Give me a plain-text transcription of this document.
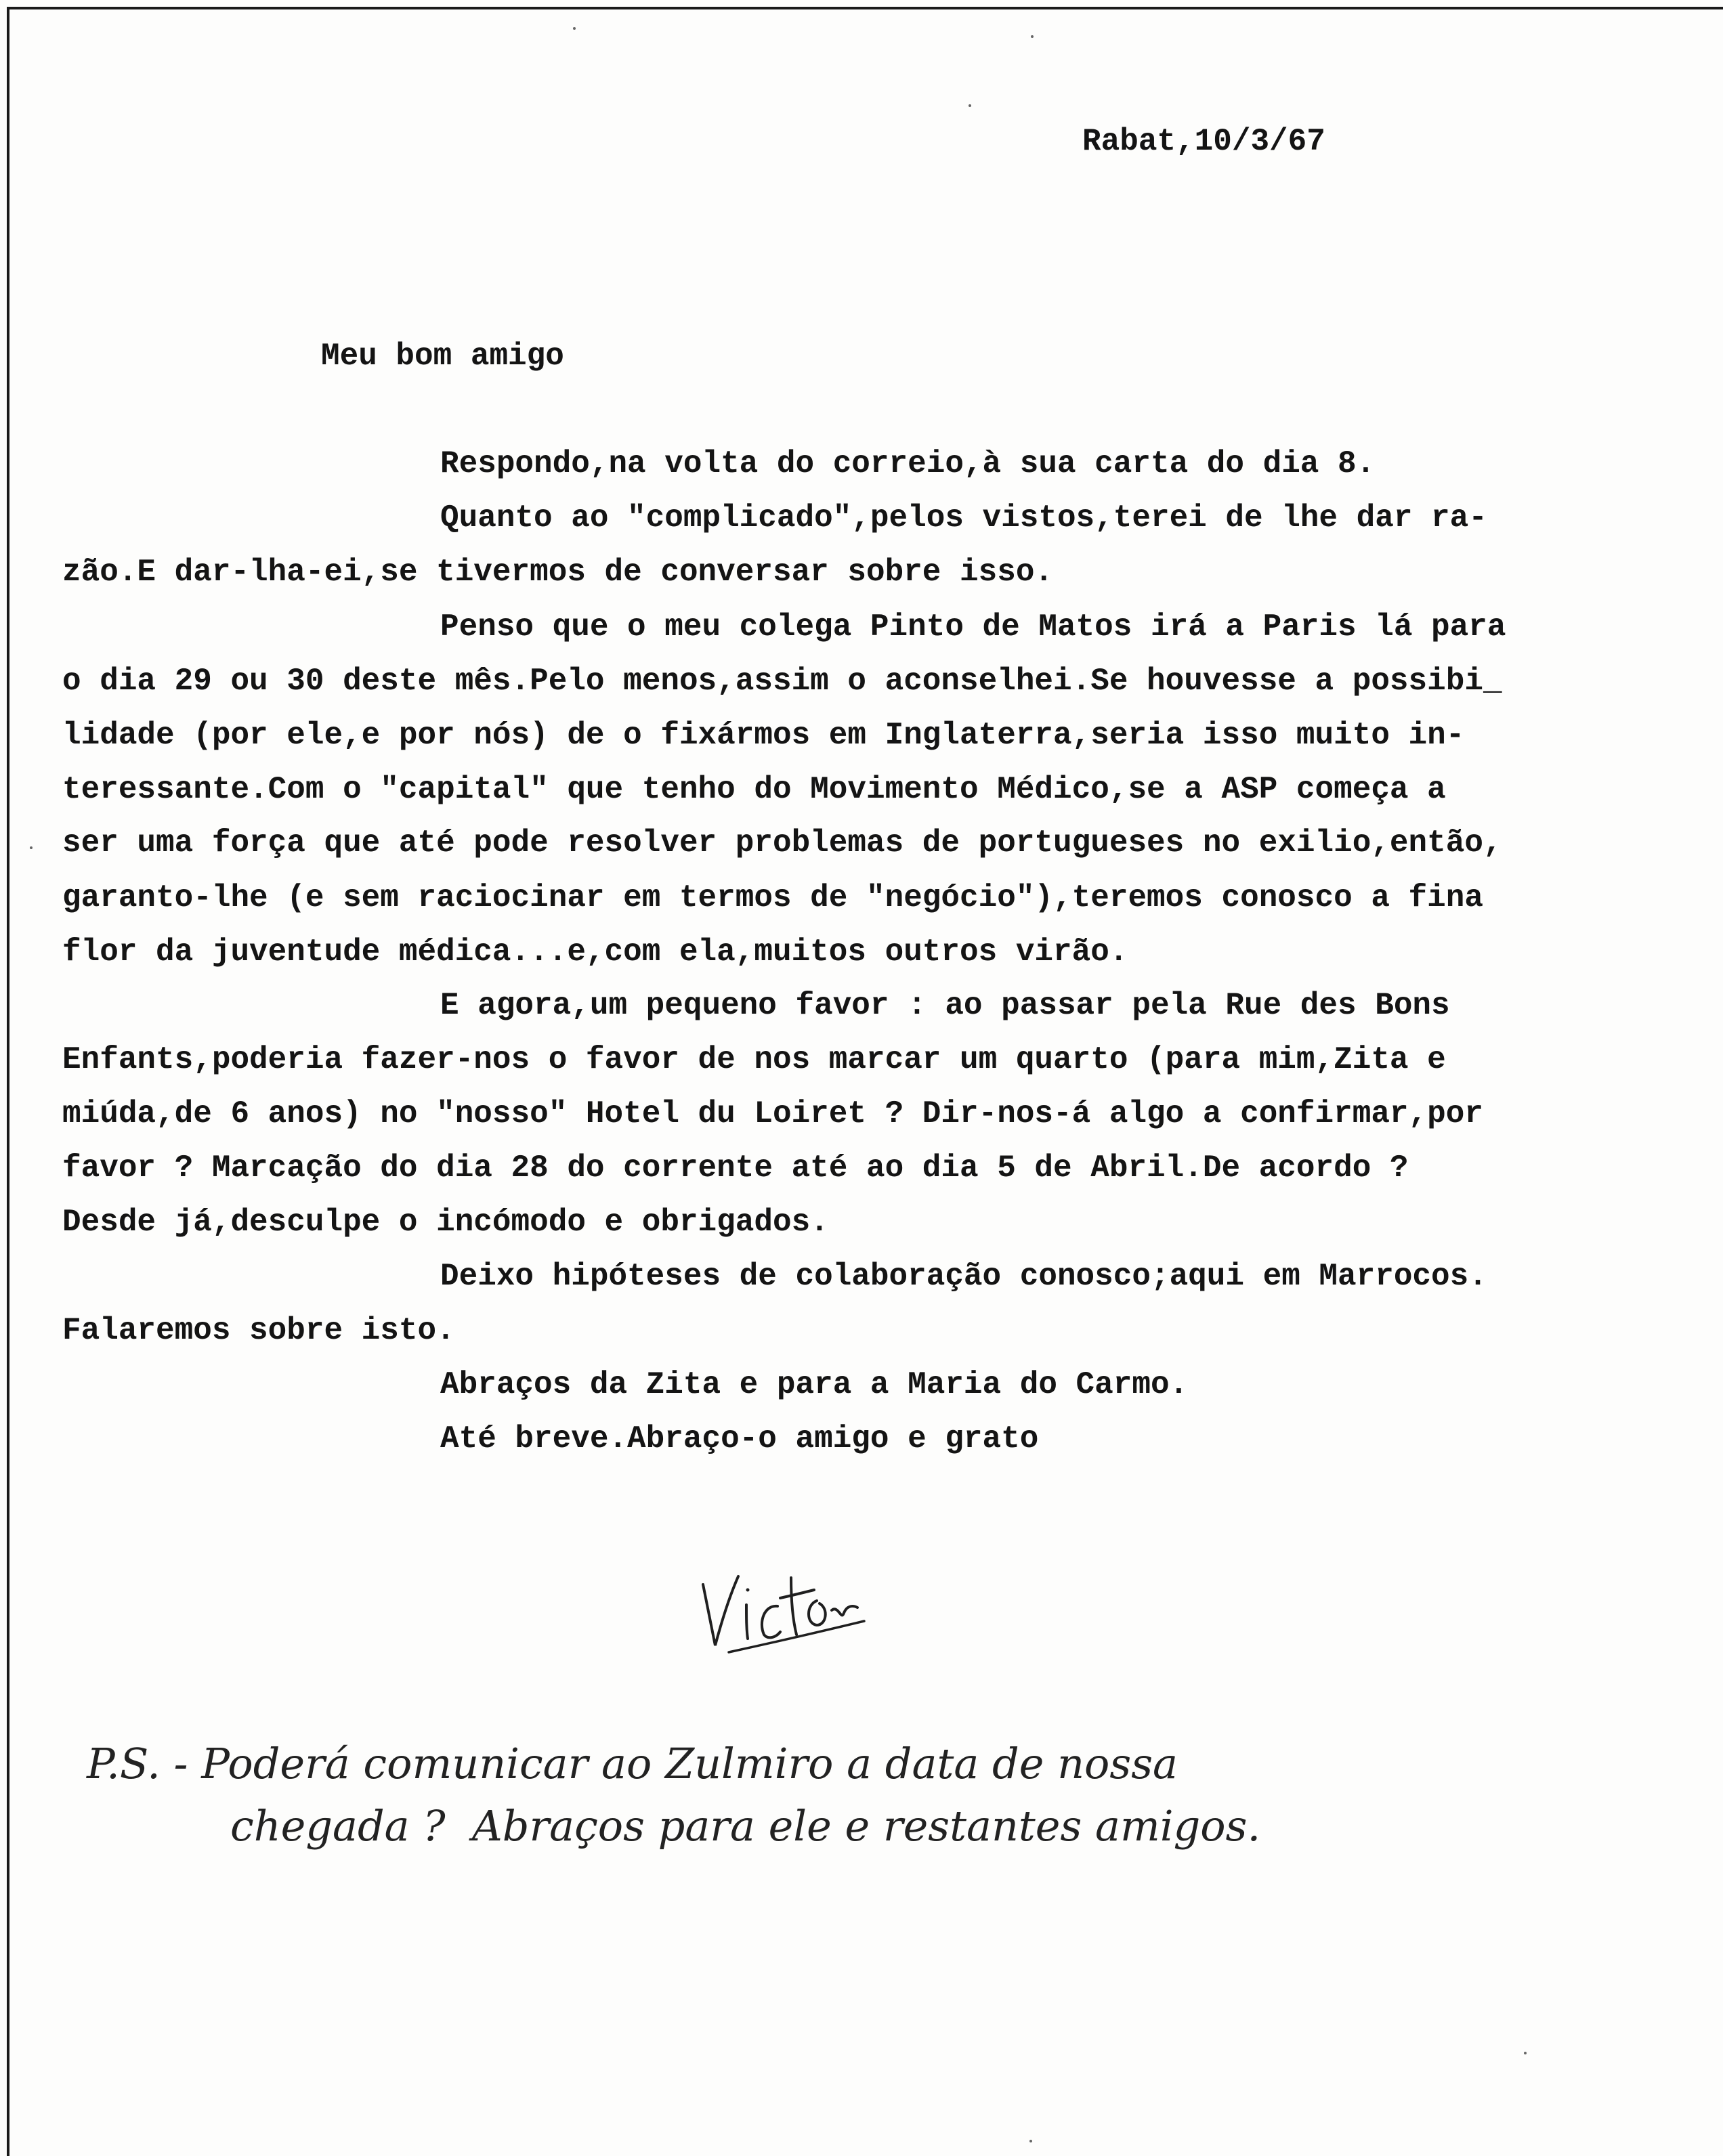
Rabat,10/3/67
Meu bom amigo
Respondo,na volta do correio,à sua carta do dia 8.
Quanto ao "complicado",pelos vistos,terei de lhe dar ra-
zão.E dar-lha-ei,se tivermos de conversar sobre isso.
Penso que o meu colega Pinto de Matos irá a Paris lá para
o dia 29 ou 30 deste mês.Pelo menos,assim o aconselhei.Se houvesse a possibi_
lidade (por ele,e por nós) de o fixármos em Inglaterra,seria isso muito in-
teressante.Com o "capital" que tenho do Movimento Médico,se a ASP começa a
ser uma força que até pode resolver problemas de portugueses no exilio,então,
garanto-lhe (e sem raciocinar em termos de "negócio"),teremos conosco a fina
flor da juventude médica...e,com ela,muitos outros virão.
E agora,um pequeno favor : ao passar pela Rue des Bons
Enfants,poderia fazer-nos o favor de nos marcar um quarto (para mim,Zita e
miúda,de 6 anos) no "nosso" Hotel du Loiret ? Dir-nos-á algo a confirmar,por
favor ? Marcação do dia 28 do corrente até ao dia 5 de Abril.De acordo ?
Desde já,desculpe o incómodo e obrigados.
Deixo hipóteses de colaboração conosco;aqui em Marrocos.
Falaremos sobre isto.
Abraços da Zita e para a Maria do Carmo.
Até breve.Abraço-o amigo e grato
P.S. - Poderá comunicar ao Zulmiro a data de nossa
chegada ?  Abraços para ele e restantes amigos.
